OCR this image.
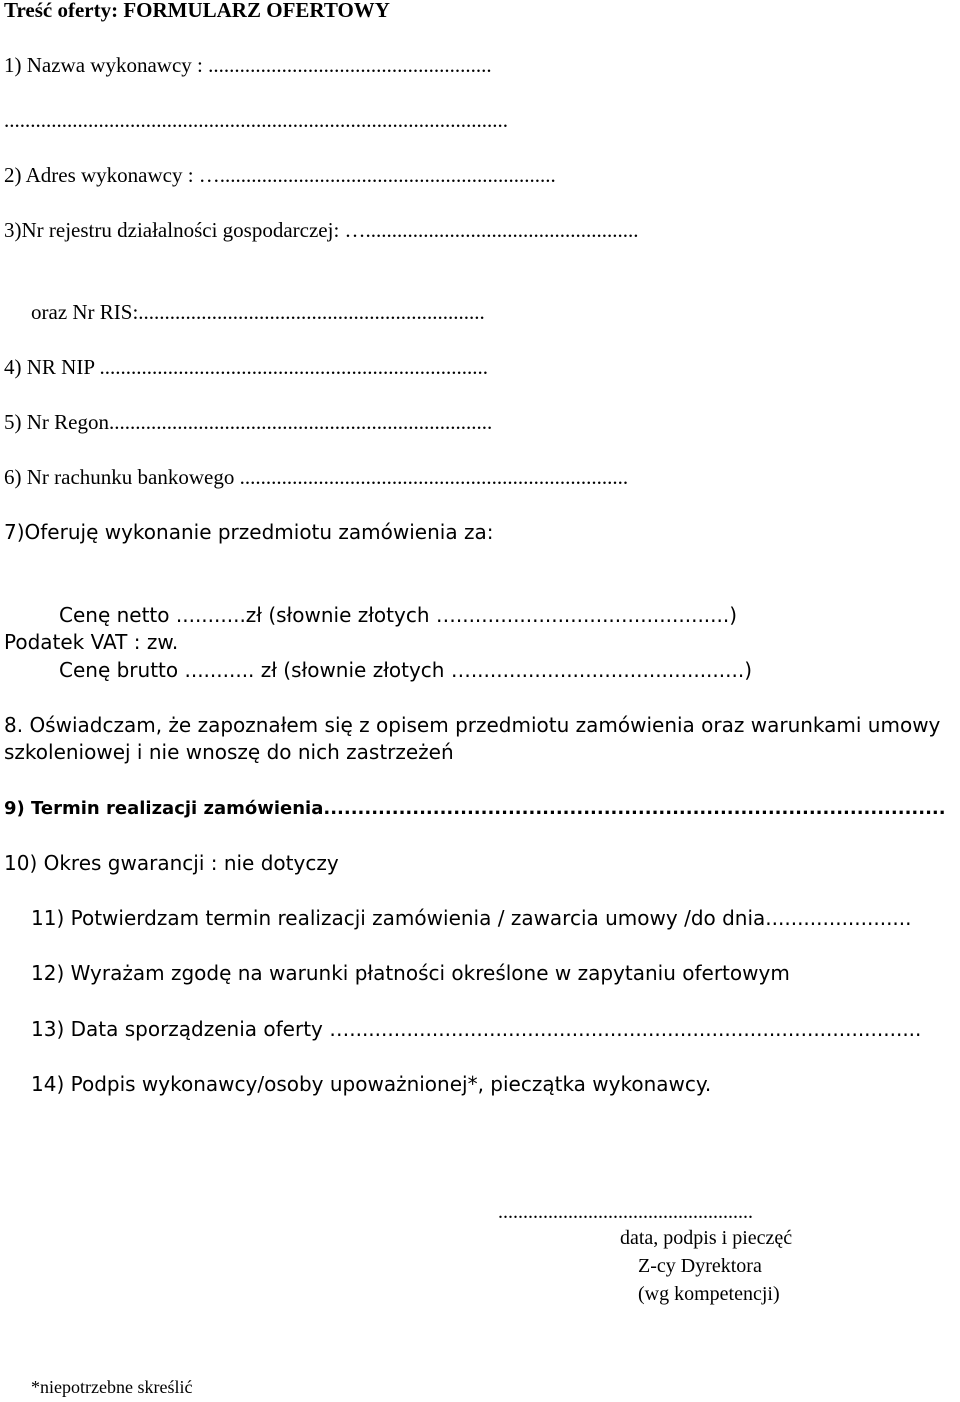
Treść oferty: FORMULARZ OFERTOWY
1) Nazwa wykonawcy : ......................................................
................................................................................................
2) Adres wykonawcy : …................................................................
3)Nr rejestru działalności gospodarczej: …....................................................
oraz Nr RIS:..................................................................
4) NR NIP ..........................................................................
5) Nr Regon.........................................................................
6) Nr rachunku bankowego ..........................................................................
7)Oferuję wykonanie przedmiotu zamówienia za:
Cenę netto ...........zł (słownie złotych …...........................................)
Podatek VAT : zw.
Cenę brutto ........... zł (słownie złotych …...........................................)
8. Oświadczam, że zapoznałem się z opisem przedmiotu zamówienia oraz warunkami umowy
szkoleniowej i nie wnoszę do nich zastrzeżeń
9) Termin realizacji zamówienia...........................................................................................
10) Okres gwarancji : nie dotyczy
11) Potwierdzam termin realizacji zamówienia / zawarcia umowy /do dnia.......................
12) Wyrażam zgodę na warunki płatności określone w zapytaniu ofertowym
13) Data sporządzenia oferty …..........................................................................................
14) Podpis wykonawcy/osoby upoważnionej*, pieczątka wykonawcy.
...................................................
data, podpis i pieczęć
Z-cy Dyrektora
(wg kompetencji)
*niepotrzebne skreślić
